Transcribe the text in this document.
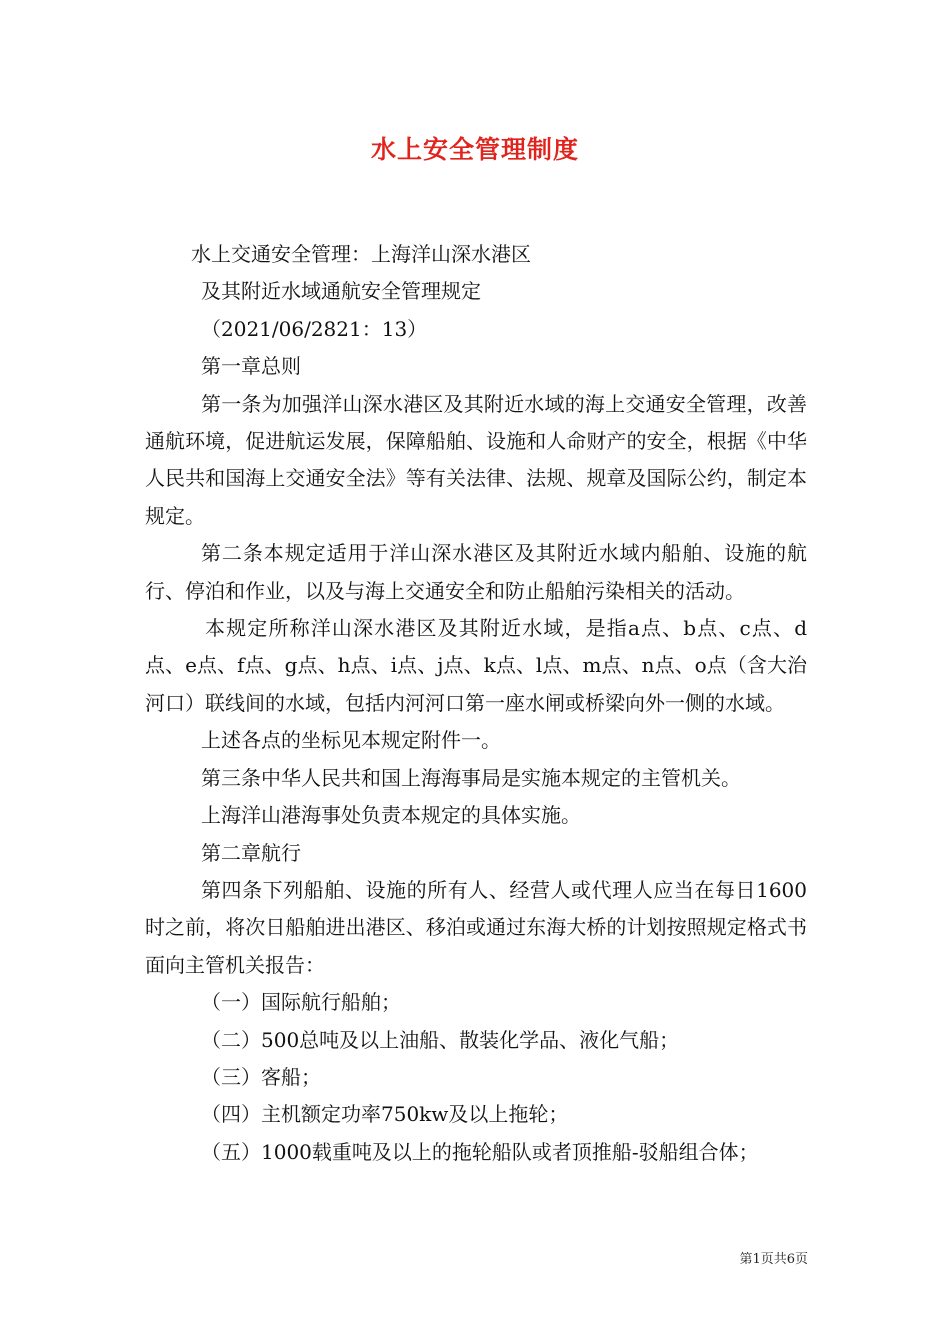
水上安全管理制度

水上交通安全管理：上海洋山深水港区

及其附近水域通航安全管理规定

（2021/06/2821：13）

第一章总则

第一条为加强洋山深水港区及其附近水域的海上交通安全管理，改善通航环境，促进航运发展，保障船舶、设施和人命财产的安全，根据《中华人民共和国海上交通安全法》等有关法律、法规、规章及国际公约，制定本规定。

第二条本规定适用于洋山深水港区及其附近水域内船舶、设施的航行、停泊和作业，以及与海上交通安全和防止船舶污染相关的活动。

本规定所称洋山深水港区及其附近水域，是指a点、b点、c点、d点、e点、f点、g点、h点、i点、j点、k点、l点、m点、n点、o点（含大治河口）联线间的水域，包括内河河口第一座水闸或桥梁向外一侧的水域。

上述各点的坐标见本规定附件一。

第三条中华人民共和国上海海事局是实施本规定的主管机关。

上海洋山港海事处负责本规定的具体实施。

第二章航行

第四条下列船舶、设施的所有人、经营人或代理人应当在每日1600时之前，将次日船舶进出港区、移泊或通过东海大桥的计划按照规定格式书面向主管机关报告：

（一）国际航行船舶；

（二）500总吨及以上油船、散装化学品、液化气船；

（三）客船；

（四）主机额定功率750kw及以上拖轮；

（五）1000载重吨及以上的拖轮船队或者顶推船-驳船组合体；

第1页共6页
